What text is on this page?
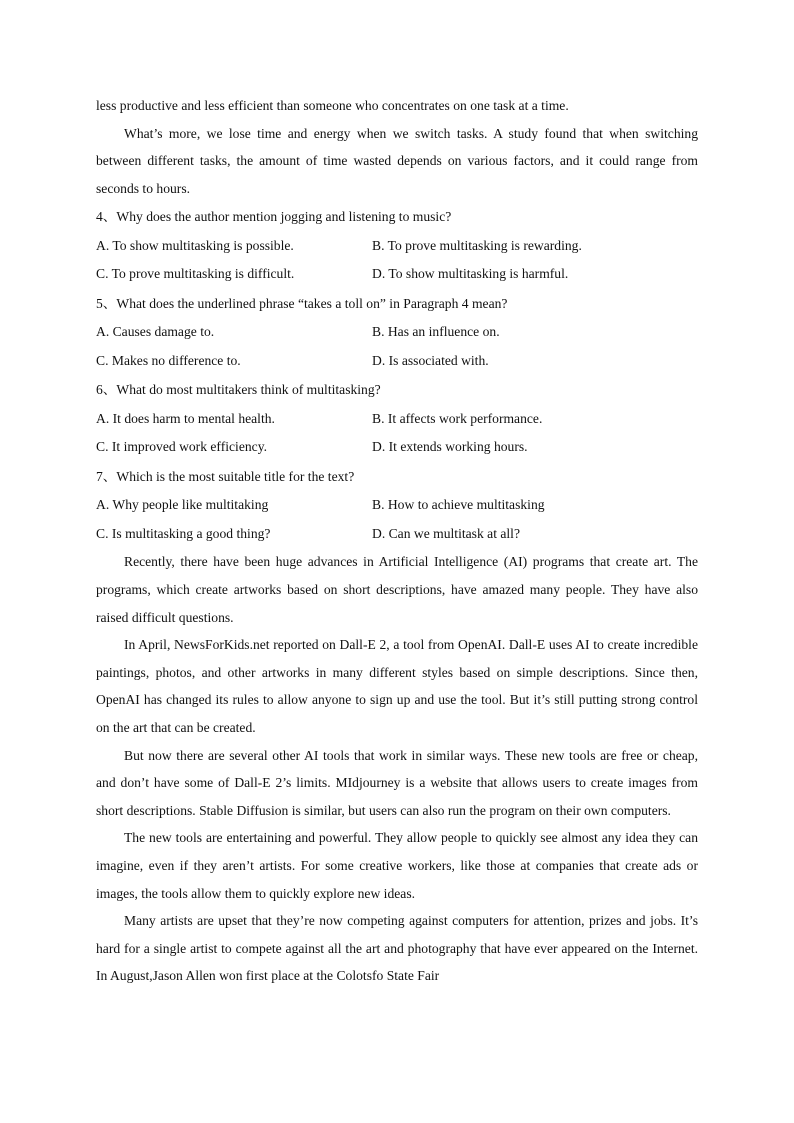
less productive and less efficient than someone who concentrates on one task at a time.

What’s more, we lose time and energy when we switch tasks. A study found that when switching between different tasks, the amount of time wasted depends on various factors, and it could range from seconds to hours.

4、Why does the author mention jogging and listening to music?

A. To show multitasking is possible.	B. To prove multitasking is rewarding.
C. To prove multitasking is difficult.	D. To show multitasking is harmful.

5、What does the underlined phrase “takes a toll on” in Paragraph 4 mean?

A. Causes damage to.	B. Has an influence on.
C. Makes no difference to.	D. Is associated with.

6、What do most multitakers think of multitasking?

A. It does harm to mental health.	B. It affects work performance.
C. It improved work efficiency.	D. It extends working hours.

7、Which is the most suitable title for the text?

A. Why people like multitaking	B. How to achieve multitasking
C. Is multitasking a good thing?	D. Can we multitask at all?

Recently, there have been huge advances in Artificial Intelligence (AI) programs that create art. The programs, which create artworks based on short descriptions, have amazed many people. They have also raised difficult questions.

In April, NewsForKids.net reported on Dall-E 2, a tool from OpenAI. Dall-E uses AI to create incredible paintings, photos, and other artworks in many different styles based on simple descriptions. Since then, OpenAI has changed its rules to allow anyone to sign up and use the tool. But it’s still putting strong control on the art that can be created.

But now there are several other AI tools that work in similar ways. These new tools are free or cheap, and don’t have some of Dall-E 2’s limits. MIdjourney is a website that allows users to create images from short descriptions. Stable Diffusion is similar, but users can also run the program on their own computers.

The new tools are entertaining and powerful. They allow people to quickly see almost any idea they can imagine, even if they aren’t artists. For some creative workers, like those at companies that create ads or images, the tools allow them to quickly explore new ideas.

Many artists are upset that they’re now competing against computers for attention, prizes and jobs. It’s hard for a single artist to compete against all the art and photography that have ever appeared on the Internet. In August,Jason Allen won first place at the Colotsfo State Fair
